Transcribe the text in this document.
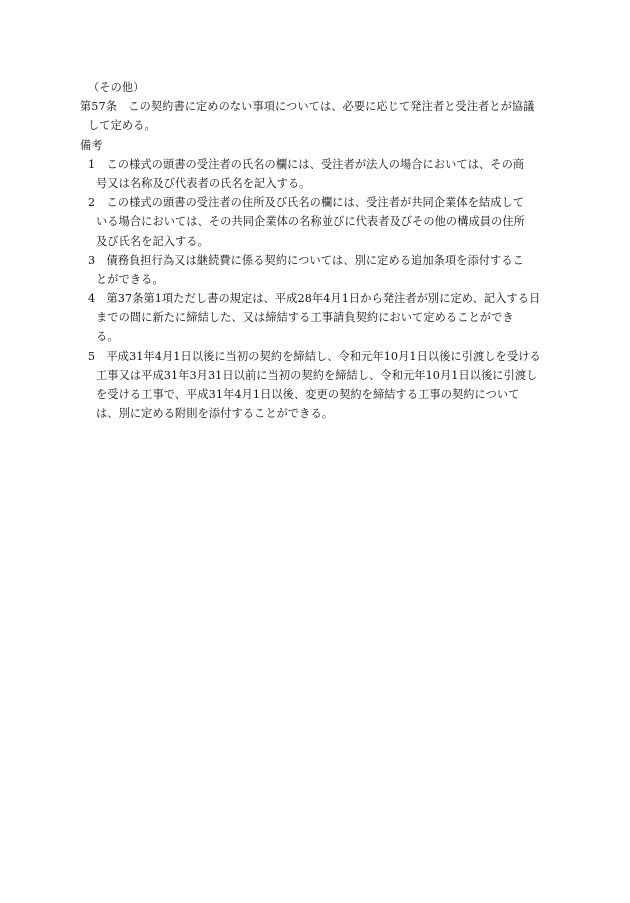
（その他）

第57条　この契約書に定めのない事項については、必要に応じて発注者と受注者とが協議

して定める。

備考

1　この様式の頭書の受注者の氏名の欄には、受注者が法人の場合においては、その商

号又は名称及び代表者の氏名を記入する。

2　この様式の頭書の受注者の住所及び氏名の欄には、受注者が共同企業体を結成して

いる場合においては、その共同企業体の名称並びに代表者及びその他の構成員の住所

及び氏名を記入する。

3　債務負担行為又は継続費に係る契約については、別に定める追加条項を添付するこ

とができる。

4　第37条第1項ただし書の規定は、平成28年4月1日から発注者が別に定め、記入する日

までの間に新たに締結した、又は締結する工事請負契約において定めることができ

る。

5　平成31年4月1日以後に当初の契約を締結し、令和元年10月1日以後に引渡しを受ける

工事又は平成31年3月31日以前に当初の契約を締結し、令和元年10月1日以後に引渡し

を受ける工事で、平成31年4月1日以後、変更の契約を締結する工事の契約について

は、別に定める附則を添付することができる。
